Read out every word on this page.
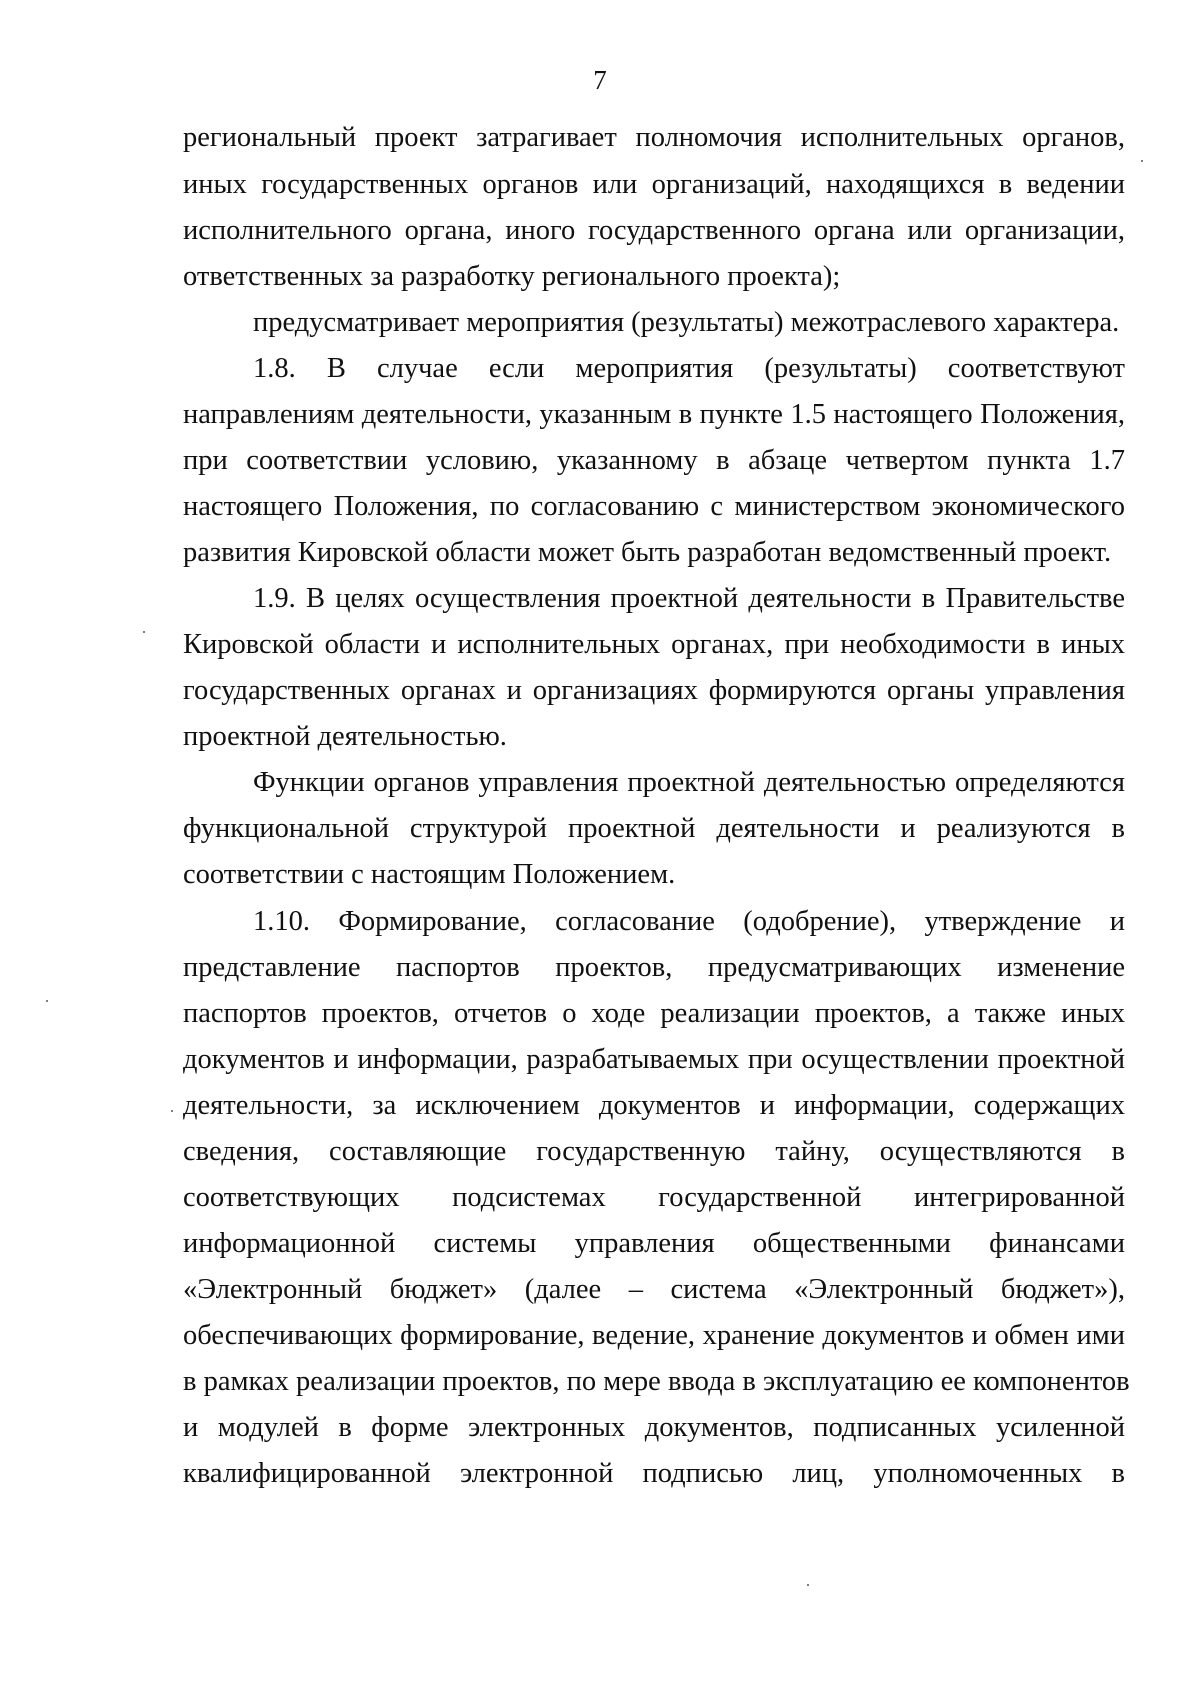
7
региональный проект затрагивает полномочия исполнительных органов,
иных государственных органов или организаций, находящихся в ведении
исполнительного органа, иного государственного органа или организации,
ответственных за разработку регионального проекта);
предусматривает мероприятия (результаты) межотраслевого характера.
1.8. В случае если мероприятия (результаты) соответствуют
направлениям деятельности, указанным в пункте 1.5 настоящего Положения,
при соответствии условию, указанному в абзаце четвертом пункта 1.7
настоящего Положения, по согласованию с министерством экономического
развития Кировской области может быть разработан ведомственный проект.
1.9. В целях осуществления проектной деятельности в Правительстве
Кировской области и исполнительных органах, при необходимости в иных
государственных органах и организациях формируются органы управления
проектной деятельностью.
Функции органов управления проектной деятельностью определяются
функциональной структурой проектной деятельности и реализуются в
соответствии с настоящим Положением.
1.10. Формирование, согласование (одобрение), утверждение и
представление паспортов проектов, предусматривающих изменение
паспортов проектов, отчетов о ходе реализации проектов, а также иных
документов и информации, разрабатываемых при осуществлении проектной
деятельности, за исключением документов и информации, содержащих
сведения, составляющие государственную тайну, осуществляются в
соответствующих подсистемах государственной интегрированной
информационной системы управления общественными финансами
«Электронный бюджет» (далее – система «Электронный бюджет»),
обеспечивающих формирование, ведение, хранение документов и обмен ими
в рамках реализации проектов, по мере ввода в эксплуатацию ее компонентов
и модулей в форме электронных документов, подписанных усиленной
квалифицированной электронной подписью лиц, уполномоченных в
